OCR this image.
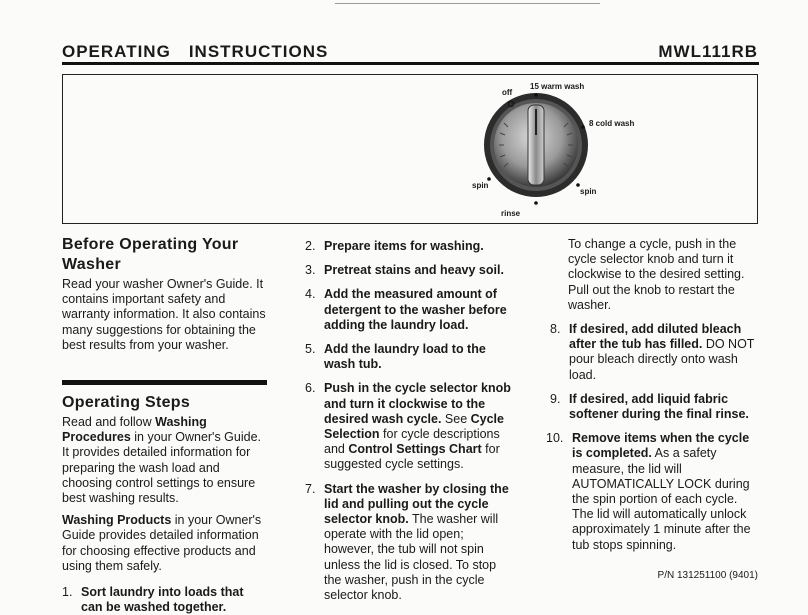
OPERATING INSTRUCTIONS	MWL111RB
off
15 warm wash
8 cold wash
spin
spin
rinse
Before Operating Your
Washer

Read your washer Owner's Guide. It contains important safety and warranty information. It also contains many suggestions for obtaining the best results from your washer.

Operating Steps

Read and follow Washing Procedures in your Owner's Guide. It provides detailed information for preparing the wash load and choosing control settings to ensure best washing results.

Washing Products in your Owner's Guide provides detailed information for choosing effective products and using them safely.

1. Sort laundry into loads that can be washed together.
2. Prepare items for washing.
3. Pretreat stains and heavy soil.
4. Add the measured amount of detergent to the washer before adding the laundry load.
5. Add the laundry load to the wash tub.
6. Push in the cycle selector knob and turn it clockwise to the desired wash cycle. See Cycle Selection for cycle descriptions and Control Settings Chart for suggested cycle settings.
7. Start the washer by closing the lid and pulling out the cycle selector knob. The washer will operate with the lid open; however, the tub will not spin unless the lid is closed. To stop the washer, push in the cycle selector knob.

To change a cycle, push in the cycle selector knob and turn it clockwise to the desired setting. Pull out the knob to restart the washer.

8. If desired, add diluted bleach after the tub has filled. DO NOT pour bleach directly onto wash load.
9. If desired, add liquid fabric softener during the final rinse.
10. Remove items when the cycle is completed. As a safety measure, the lid will AUTOMATICALLY LOCK during the spin portion of each cycle. The lid will automatically unlock approximately 1 minute after the tub stops spinning.
P/N 131251100 (9401)
